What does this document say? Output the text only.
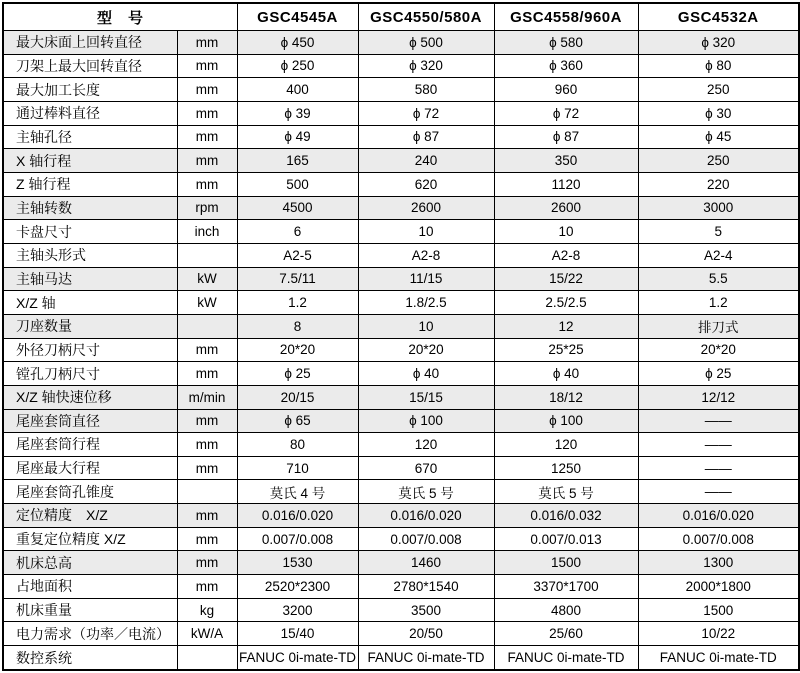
型　号		GSC4545A	GSC4550/580A	GSC4558/960A	GSC4532A
最大床面上回转直径	mm	ϕ 450	ϕ 500	ϕ 580	ϕ 320
刀架上最大回转直径	mm	ϕ 250	ϕ 320	ϕ 360	ϕ 80
最大加工长度	mm	400	580	960	250
通过棒料直径	mm	ϕ 39	ϕ 72	ϕ 72	ϕ 30
主轴孔径	mm	ϕ 49	ϕ 87	ϕ 87	ϕ 45
X 轴行程	mm	165	240	350	250
Z 轴行程	mm	500	620	1120	220
主轴转数	rpm	4500	2600	2600	3000
卡盘尺寸	inch	6	10	10	5
主轴头形式		A2-5	A2-8	A2-8	A2-4
主轴马达	kW	7.5/11	11/15	15/22	5.5
X/Z 轴	kW	1.2	1.8/2.5	2.5/2.5	1.2
刀座数量		8	10	12	排刀式
外径刀柄尺寸	mm	20*20	20*20	25*25	20*20
镗孔刀柄尺寸	mm	ϕ 25	ϕ 40	ϕ 40	ϕ 25
X/Z 轴快速位移	m/min	20/15	15/15	18/12	12/12
尾座套筒直径	mm	ϕ 65	ϕ 100	ϕ 100	——
尾座套筒行程	mm	80	120	120	——
尾座最大行程	mm	710	670	1250	——
尾座套筒孔锥度		莫氏 4 号	莫氏 5 号	莫氏 5 号	——
定位精度　X/Z	mm	0.016/0.020	0.016/0.020	0.016/0.032	0.016/0.020
重复定位精度 X/Z	mm	0.007/0.008	0.007/0.008	0.007/0.013	0.007/0.008
机床总高	mm	1530	1460	1500	1300
占地面积	mm	2520*2300	2780*1540	3370*1700	2000*1800
机床重量	kg	3200	3500	4800	1500
电力需求（功率／电流）	kW/A	15/40	20/50	25/60	10/22
数控系统		FANUC 0i-mate-TD	FANUC 0i-mate-TD	FANUC 0i-mate-TD	FANUC 0i-mate-TD
